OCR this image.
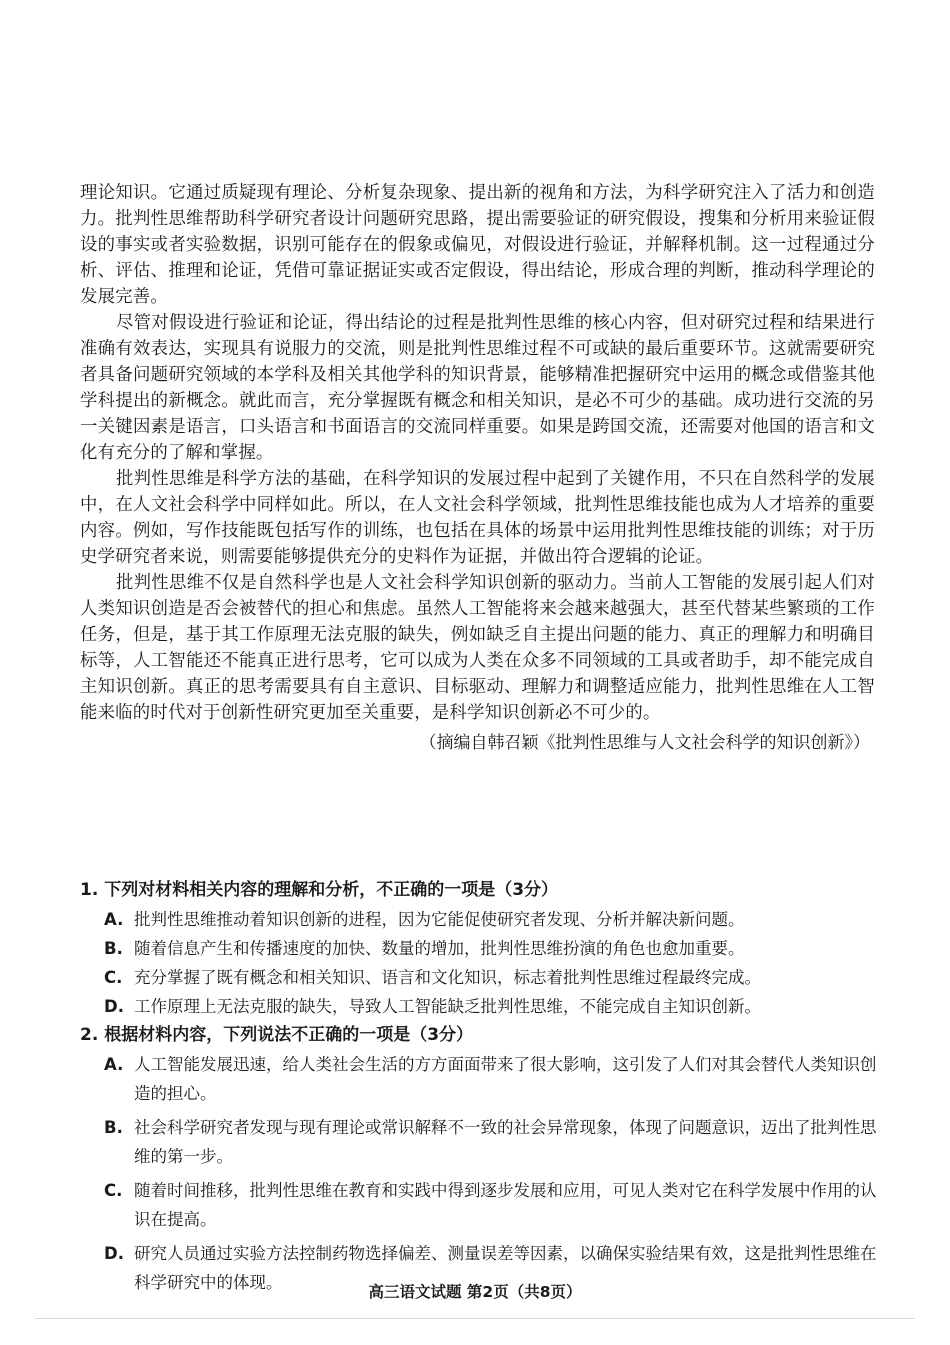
理论知识。它通过质疑现有理论、分析复杂现象、提出新的视角和方法，为科学研究注入了活力和创造力。批判性思维帮助科学研究者设计问题研究思路，提出需要验证的研究假设，搜集和分析用来验证假设的事实或者实验数据，识别可能存在的假象或偏见，对假设进行验证，并解释机制。这一过程通过分析、评估、推理和论证，凭借可靠证据证实或否定假设，得出结论，形成合理的判断，推动科学理论的发展完善。

尽管对假设进行验证和论证，得出结论的过程是批判性思维的核心内容，但对研究过程和结果进行准确有效表达，实现具有说服力的交流，则是批判性思维过程不可或缺的最后重要环节。这就需要研究者具备问题研究领域的本学科及相关其他学科的知识背景，能够精准把握研究中运用的概念或借鉴其他学科提出的新概念。就此而言，充分掌握既有概念和相关知识，是必不可少的基础。成功进行交流的另一关键因素是语言，口头语言和书面语言的交流同样重要。如果是跨国交流，还需要对他国的语言和文化有充分的了解和掌握。

批判性思维是科学方法的基础，在科学知识的发展过程中起到了关键作用，不只在自然科学的发展中，在人文社会科学中同样如此。所以，在人文社会科学领域，批判性思维技能也成为人才培养的重要内容。例如，写作技能既包括写作的训练，也包括在具体的场景中运用批判性思维技能的训练；对于历史学研究者来说，则需要能够提供充分的史料作为证据，并做出符合逻辑的论证。

批判性思维不仅是自然科学也是人文社会科学知识创新的驱动力。当前人工智能的发展引起人们对人类知识创造是否会被替代的担心和焦虑。虽然人工智能将来会越来越强大，甚至代替某些繁琐的工作任务，但是，基于其工作原理无法克服的缺失，例如缺乏自主提出问题的能力、真正的理解力和明确目标等，人工智能还不能真正进行思考，它可以成为人类在众多不同领域的工具或者助手，却不能完成自主知识创新。真正的思考需要具有自主意识、目标驱动、理解力和调整适应能力，批判性思维在人工智能来临的时代对于创新性研究更加至关重要，是科学知识创新必不可少的。

（摘编自韩召颖《批判性思维与人文社会科学的知识创新》）

1. 下列对材料相关内容的理解和分析，不正确的一项是（3分）

A. 批判性思维推动着知识创新的进程，因为它能促使研究者发现、分析并解决新问题。
B. 随着信息产生和传播速度的加快、数量的增加，批判性思维扮演的角色也愈加重要。
C. 充分掌握了既有概念和相关知识、语言和文化知识，标志着批判性思维过程最终完成。
D. 工作原理上无法克服的缺失，导致人工智能缺乏批判性思维，不能完成自主知识创新。

2. 根据材料内容，下列说法不正确的一项是（3分）

A. 人工智能发展迅速，给人类社会生活的方方面面带来了很大影响，这引发了人们对其会替代人类知识创造的担心。
B. 社会科学研究者发现与现有理论或常识解释不一致的社会异常现象，体现了问题意识，迈出了批判性思维的第一步。
C. 随着时间推移，批判性思维在教育和实践中得到逐步发展和应用，可见人类对它在科学发展中作用的认识在提高。
D. 研究人员通过实验方法控制药物选择偏差、测量误差等因素，以确保实验结果有效，这是批判性思维在科学研究中的体现。	高三语文试题 第2页（共8页）
